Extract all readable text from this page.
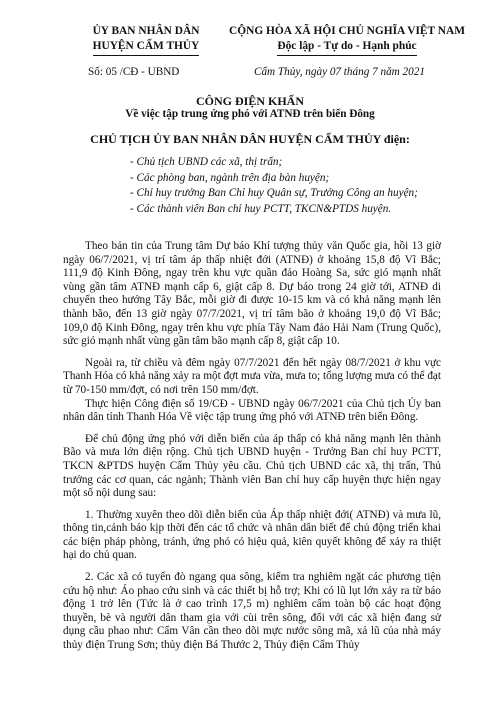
ỦY BAN NHÂN DÂN
HUYỆN CẨM THỦY
CỘNG HÒA XÃ HỘI CHỦ NGHĨA VIỆT NAM
Độc lập - Tự do - Hạnh phúc
Số: 05 /CĐ - UBND	Cẩm Thủy, ngày 07 tháng 7 năm 2021
CÔNG ĐIỆN KHẨN
Về việc tập trung ứng phó với ATNĐ trên biển Đông
CHỦ TỊCH ỦY BAN NHÂN DÂN HUYỆN CẨM THỦY điện:
- Chủ tịch UBND các xã, thị trấn;
- Các phòng ban, ngành trên địa bàn huyện;
- Chỉ huy trưởng Ban Chỉ huy Quân sự, Trưởng Công an huyện;
- Các thành viên Ban chỉ huy PCTT, TKCN&PTDS huyện.

Theo bản tin của Trung tâm Dự báo Khí tượng thủy văn Quốc gia, hồi 13 giờ ngày 06/7/2021, vị trí tâm áp thấp nhiệt đới (ATNĐ) ở khoảng 15,8 độ Vĩ Bắc; 111,9 độ Kinh Đông, ngay trên khu vực quần đảo Hoàng Sa, sức gió mạnh nhất vùng gần tâm ATNĐ mạnh cấp 6, giật cấp 8. Dự báo trong 24 giờ tới, ATNĐ di chuyển theo hướng Tây Bắc, mỗi giờ đi được 10-15 km và có khả năng mạnh lên thành bão, đến 13 giờ ngày 07/7/2021, vị trí tâm bão ở khoảng 19,0 độ Vĩ Bắc; 109,0 độ Kinh Đông, ngay trên khu vực phía Tây Nam đảo Hải Nam (Trung Quốc), sức gió mạnh nhất vùng gần tâm bão mạnh cấp 8, giật cấp 10.

Ngoài ra, từ chiều và đêm ngày 07/7/2021 đến hết ngày 08/7/2021 ở khu vực Thanh Hóa có khả năng xảy ra một đợt mưa vừa, mưa to; tổng lượng mưa có thể đạt từ 70-150 mm/đợt, có nơi trên 150 mm/đợt.

Thực hiện Công điện số 19/CĐ - UBND ngày 06/7/2021 của Chủ tịch Ủy ban nhân dân tỉnh Thanh Hóa Về việc tập trung ứng phó với ATNĐ trên biển Đông.

Để chủ động ứng phó với diễn biến của áp thấp có khả năng mạnh lên thành Bão và mưa lớn diện rộng. Chủ tịch UBND huyện - Trưởng Ban chỉ huy PCTT, TKCN &PTDS huyện Cẩm Thủy yêu cầu. Chủ tịch UBND các xã, thị trấn, Thủ trưởng các cơ quan, các ngành; Thành viên Ban chỉ huy cấp huyện thực hiện ngay một số nội dung sau:

1. Thường xuyên theo dõi diễn biến của Áp thấp nhiệt đới( ATNĐ) và mưa lũ, thông tin,cảnh báo kịp thời đến các tổ chức và nhân dân biết để chủ động triển khai các biện pháp phòng, tránh, ứng phó có hiệu quả, kiên quyết không để xảy ra thiệt hại do chủ quan.

2. Các xã có tuyến đò ngang qua sông, kiểm tra nghiêm ngặt các phương tiện cứu hộ như: Áo phao cứu sinh và các thiết bị hỗ trợ; Khi có lũ lụt lớn xảy ra từ báo động 1 trở lên (Tức là ở cao trình 17,5 m) nghiêm cấm toàn bộ các hoạt động thuyền, bè và người dân tham gia với cùi trên sông, đối với các xã hiện đang sử dụng cầu phao như: Cẩm Vân cần theo dõi mực nước sông mã, xả lũ của nhà máy thủy điện Trung Sơn; thủy điện Bá Thước 2, Thủy điện Cẩm Thủy
